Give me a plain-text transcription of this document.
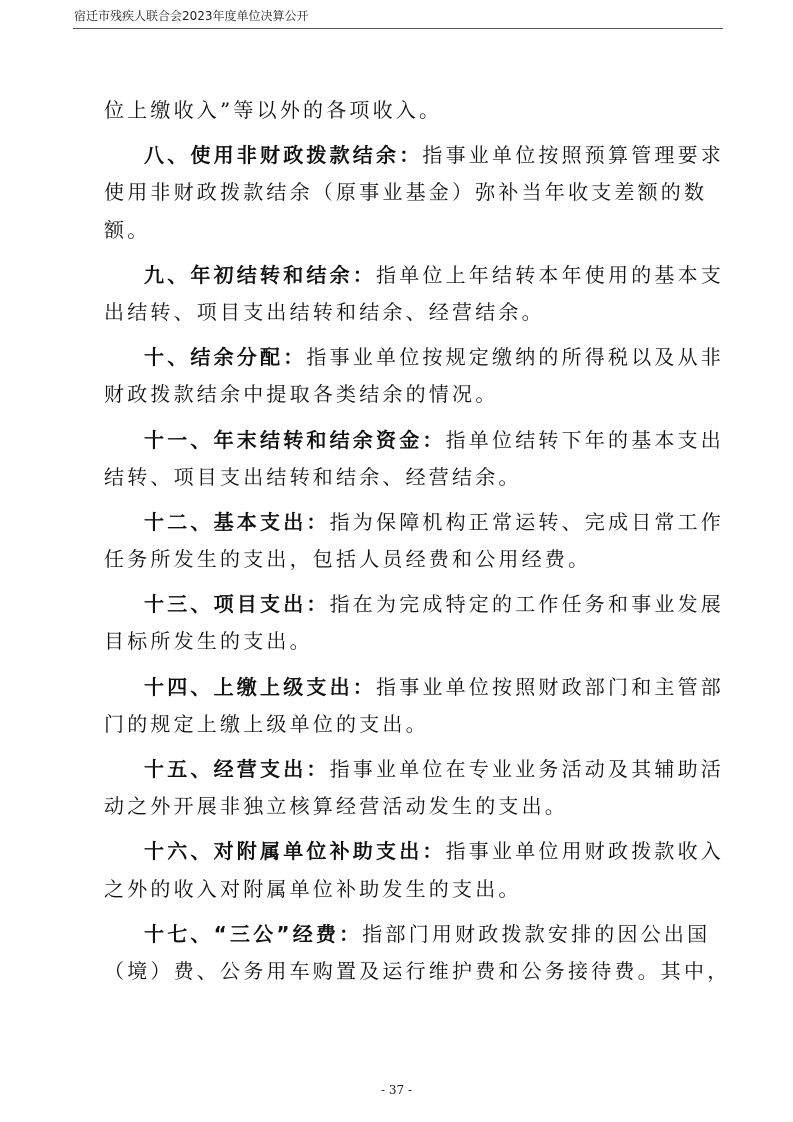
宿迁市残疾人联合会2023年度单位决算公开
位上缴收入”等以外的各项收入。
八、使用非财政拨款结余：指事业单位按照预算管理要求
使用非财政拨款结余（原事业基金）弥补当年收支差额的数
额。
九、年初结转和结余：指单位上年结转本年使用的基本支
出结转、项目支出结转和结余、经营结余。
十、结余分配：指事业单位按规定缴纳的所得税以及从非
财政拨款结余中提取各类结余的情况。
十一、年末结转和结余资金：指单位结转下年的基本支出
结转、项目支出结转和结余、经营结余。
十二、基本支出：指为保障机构正常运转、完成日常工作
任务所发生的支出，包括人员经费和公用经费。
十三、项目支出：指在为完成特定的工作任务和事业发展
目标所发生的支出。
十四、上缴上级支出：指事业单位按照财政部门和主管部
门的规定上缴上级单位的支出。
十五、经营支出：指事业单位在专业业务活动及其辅助活
动之外开展非独立核算经营活动发生的支出。
十六、对附属单位补助支出：指事业单位用财政拨款收入
之外的收入对附属单位补助发生的支出。
十七、“三公”经费：指部门用财政拨款安排的因公出国
（境）费、公务用车购置及运行维护费和公务接待费。其中，
- 37 -
